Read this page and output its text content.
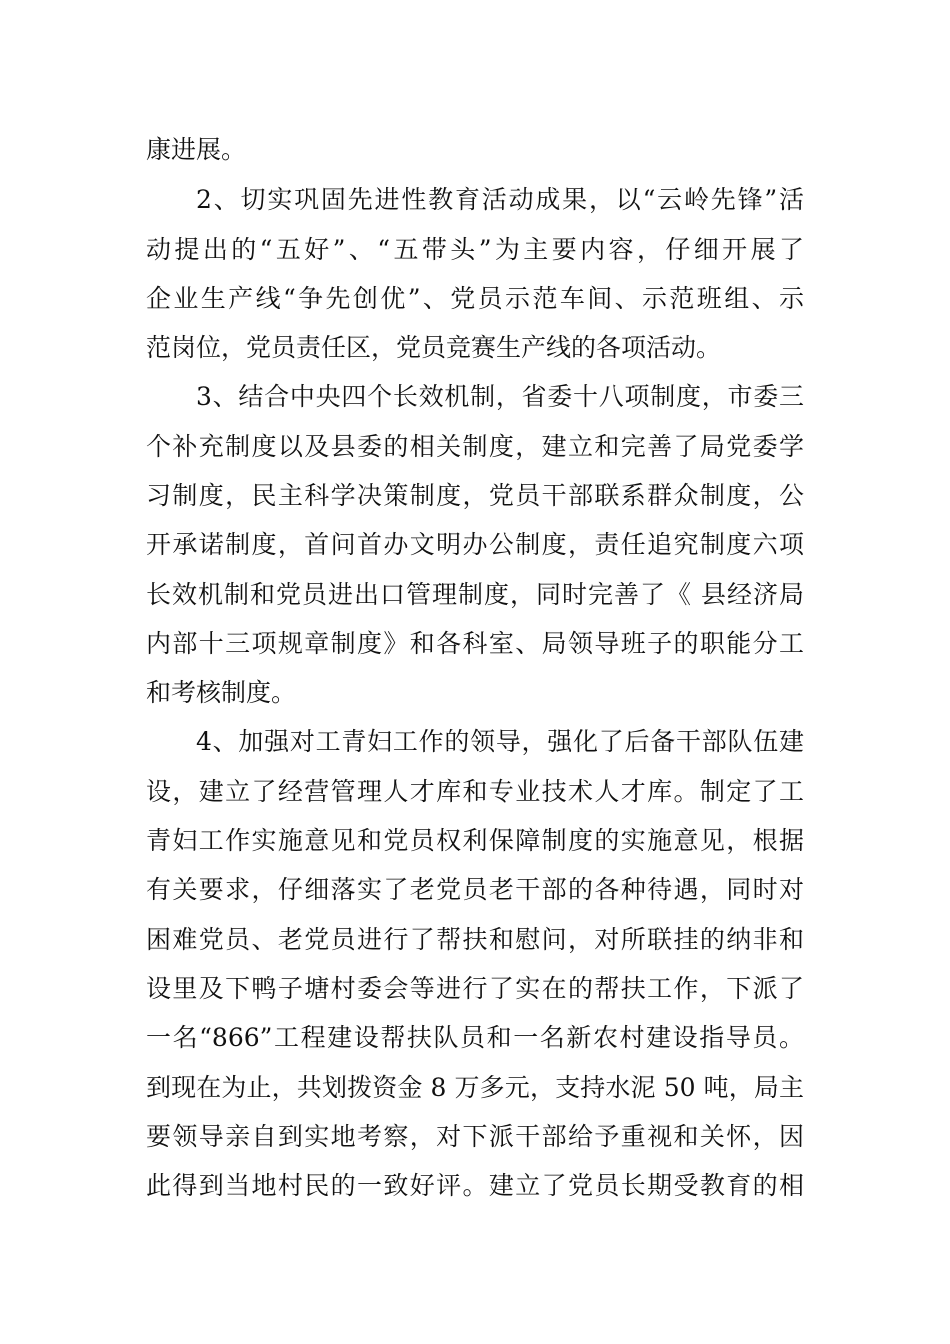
康进展。
2、切实巩固先进性教育活动成果，以“云岭先锋”活
动提出的“五好”、“五带头”为主要内容，仔细开展了
企业生产线“争先创优”、党员示范车间、示范班组、示
范岗位，党员责任区，党员竞赛生产线的各项活动。
3、结合中央四个长效机制，省委十八项制度，市委三
个补充制度以及县委的相关制度，建立和完善了局党委学
习制度，民主科学决策制度，党员干部联系群众制度，公
开承诺制度，首问首办文明办公制度，责任追究制度六项
长效机制和党员进出口管理制度，同时完善了《 县经济局
内部十三项规章制度》和各科室、局领导班子的职能分工
和考核制度。
4、加强对工青妇工作的领导，强化了后备干部队伍建
设，建立了经营管理人才库和专业技术人才库。制定了工
青妇工作实施意见和党员权利保障制度的实施意见，根据
有关要求，仔细落实了老党员老干部的各种待遇，同时对
困难党员、老党员进行了帮扶和慰问，对所联挂的纳非和
设里及下鸭子塘村委会等进行了实在的帮扶工作，下派了
一名“866”工程建设帮扶队员和一名新农村建设指导员。
到现在为止，共划拨资金 8 万多元，支持水泥 50 吨，局主
要领导亲自到实地考察，对下派干部给予重视和关怀，因
此得到当地村民的一致好评。建立了党员长期受教育的相
